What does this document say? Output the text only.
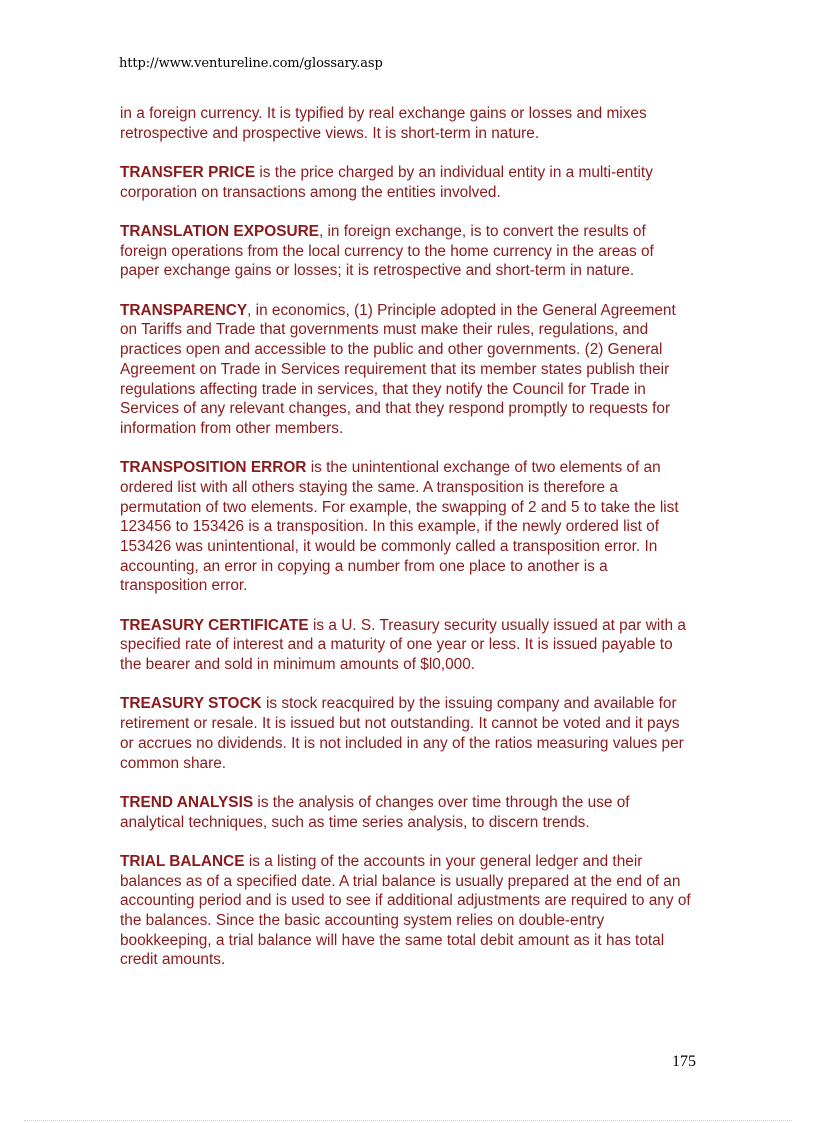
http://www.ventureline.com/glossary.asp

in a foreign currency. It is typified by real exchange gains or losses and mixes retrospective and prospective views. It is short-term in nature.

TRANSFER PRICE is the price charged by an individual entity in a multi-entity corporation on transactions among the entities involved.

TRANSLATION EXPOSURE, in foreign exchange, is to convert the results of foreign operations from the local currency to the home currency in the areas of paper exchange gains or losses; it is retrospective and short-term in nature.

TRANSPARENCY, in economics, (1) Principle adopted in the General Agreement on Tariffs and Trade that governments must make their rules, regulations, and practices open and accessible to the public and other governments. (2) General Agreement on Trade in Services requirement that its member states publish their regulations affecting trade in services, that they notify the Council for Trade in Services of any relevant changes, and that they respond promptly to requests for information from other members.

TRANSPOSITION ERROR is the unintentional exchange of two elements of an ordered list with all others staying the same. A transposition is therefore a permutation of two elements. For example, the swapping of 2 and 5 to take the list 123456 to 153426 is a transposition. In this example, if the newly ordered list of 153426 was unintentional, it would be commonly called a transposition error. In accounting, an error in copying a number from one place to another is a transposition error.

TREASURY CERTIFICATE is a U. S. Treasury security usually issued at par with a specified rate of interest and a maturity of one year or less. It is issued payable to the bearer and sold in minimum amounts of $l0,000.

TREASURY STOCK is stock reacquired by the issuing company and available for retirement or resale. It is issued but not outstanding. It cannot be voted and it pays or accrues no dividends. It is not included in any of the ratios measuring values per common share.

TREND ANALYSIS is the analysis of changes over time through the use of analytical techniques, such as time series analysis, to discern trends.

TRIAL BALANCE is a listing of the accounts in your general ledger and their balances as of a specified date. A trial balance is usually prepared at the end of an accounting period and is used to see if additional adjustments are required to any of the balances. Since the basic accounting system relies on double-entry bookkeeping, a trial balance will have the same total debit amount as it has total credit amounts.

175
